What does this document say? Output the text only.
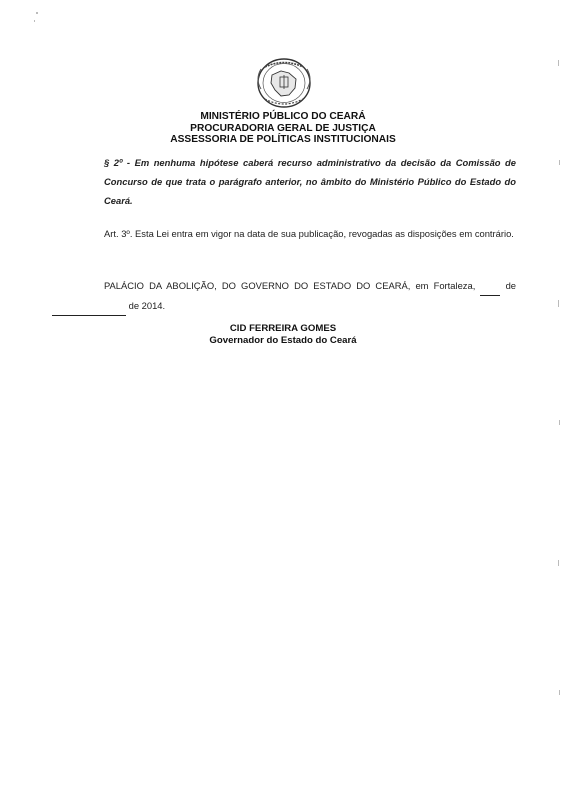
MINISTÉRIO PÚBLICO DO CEARÁ
PROCURADORIA GERAL DE JUSTIÇA
ASSESSORIA DE POLÍTICAS INSTITUCIONAIS
§ 2º - Em nenhuma hipótese caberá recurso administrativo da decisão da Comissão de Concurso de que trata o parágrafo anterior, no âmbito do Ministério Público do Estado do Ceará.
Art. 3º. Esta Lei entra em vigor na data de sua publicação, revogadas as disposições em contrário.
PALÁCIO DA ABOLIÇÃO, DO GOVERNO DO ESTADO DO CEARÁ, em Fortaleza,	de   de 2014.
CID FERREIRA GOMES
Governador do Estado do Ceará
